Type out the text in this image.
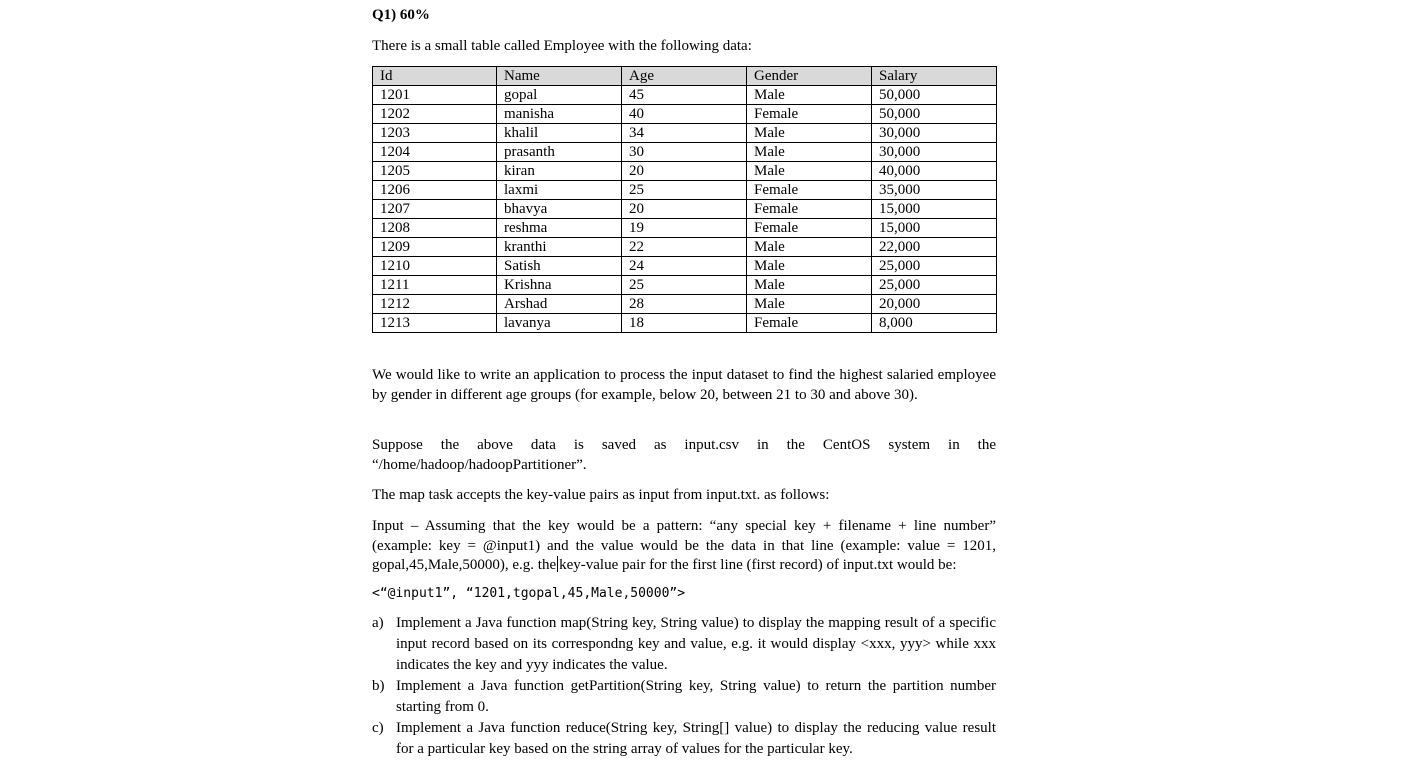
Q1) 60%
There is a small table called Employee with the following data:
Id	Name	Age	Gender	Salary
1201	gopal	45	Male	50,000
1202	manisha	40	Female	50,000
1203	khalil	34	Male	30,000
1204	prasanth	30	Male	30,000
1205	kiran	20	Male	40,000
1206	laxmi	25	Female	35,000
1207	bhavya	20	Female	15,000
1208	reshma	19	Female	15,000
1209	kranthi	22	Male	22,000
1210	Satish	24	Male	25,000
1211	Krishna	25	Male	25,000
1212	Arshad	28	Male	20,000
1213	lavanya	18	Female	8,000

We would like to write an application to process the input dataset to find the highest salaried employee by gender in different age groups (for example, below 20, between 21 to 30 and above 30).

Suppose the above data is saved as input.csv in the CentOS system in the “/home/hadoop/hadoopPartitioner”.

The map task accepts the key-value pairs as input from input.txt. as follows:

Input – Assuming that the key would be a pattern: “any special key + filename + line number” (example: key = @input1) and the value would be the data in that line (example: value = 1201, gopal,45,Male,50000), e.g. the key-value pair for the first line (first record) of input.txt would be:

<“@input1”, “1201,tgopal,45,Male,50000”>
a) Implement a Java function map(String key, String value) to display the mapping result of a specific input record based on its correspondng key and value, e.g. it would display <xxx, yyy> while xxx indicates the key and yyy indicates the value.
b) Implement a Java function getPartition(String key, String value) to return the partition number starting from 0.
c) Implement a Java function reduce(String key, String[] value) to display the reducing value result for a particular key based on the string array of values for the particular key.
